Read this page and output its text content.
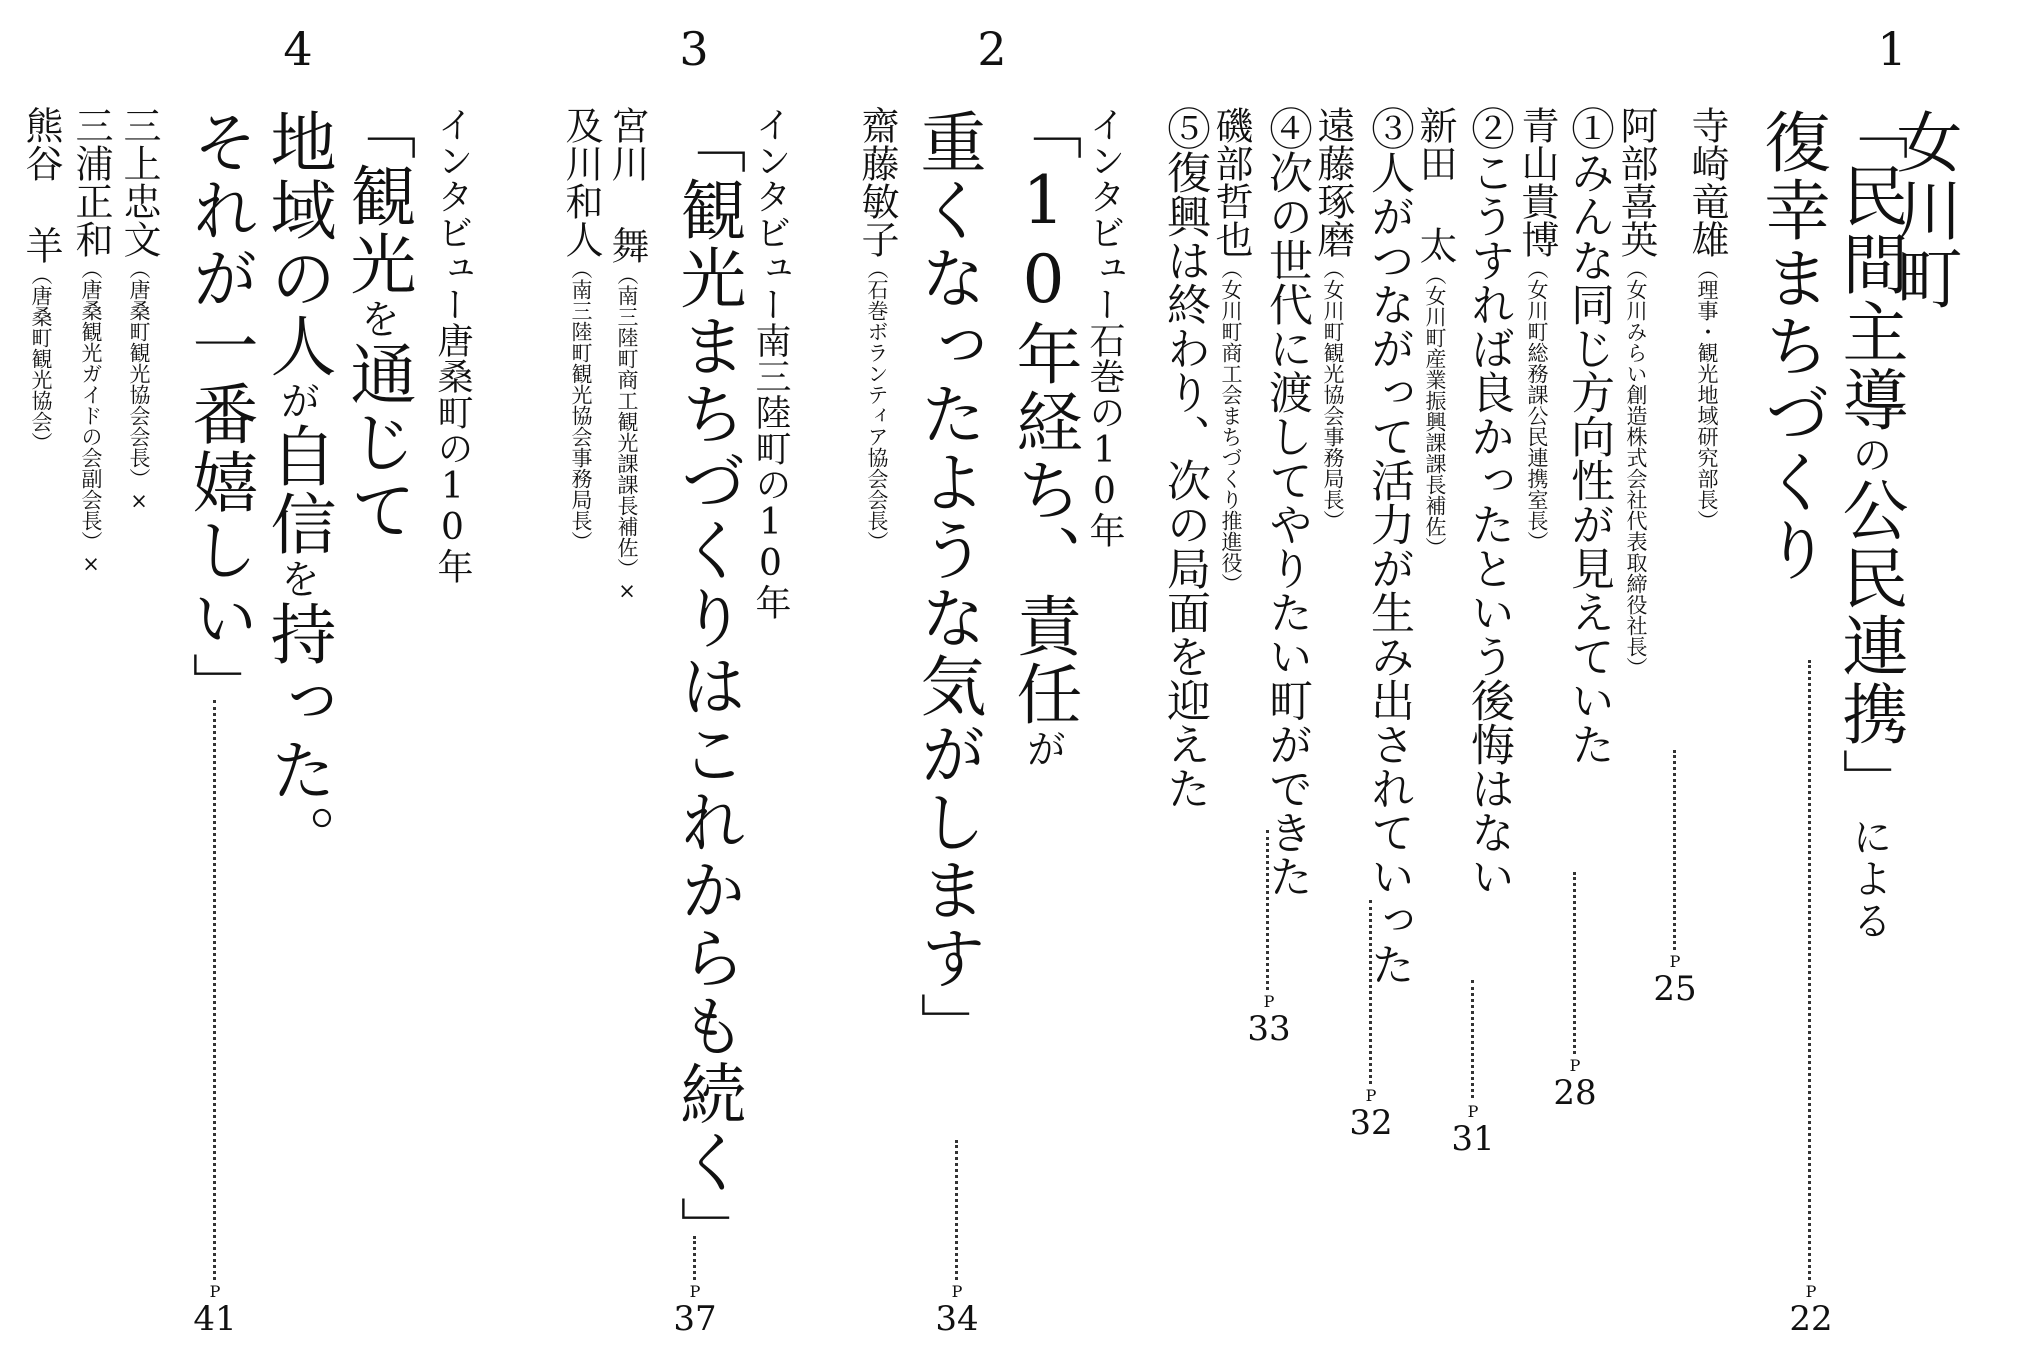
1
女川町
「民間主導の公民連携」による
復幸まちづくり
寺崎竜雄（理事・観光地域研究部長）
P
22
阿部喜英（女川みらい創造株式会社代表取締役社長）
①みんな同じ方向性が見えていた
P
25
青山貴博（女川町総務課公民連携室長）
②こうすれば良かったという後悔はない
P
28
新田 太（女川町産業振興課課長補佐）
③人がつながって活力が生み出されていった
P
31
遠藤琢磨（女川町観光協会事務局長）
④次の世代に渡してやりたい町ができた
P
32
磯部哲也（女川町商工会まちづくり推進役）
⑤復興は終わり、次の局面を迎えた
P
33
2
インタビュー石巻の10年
「10年経ち、責任が
重くなったような気がします」
齋藤敏子（石巻ボランティア協会会長）
P
34
3
インタビュー南三陸町の10年
「観光まちづくりはこれからも続く」
宮川 舞（南三陸町商工観光課課長補佐）×
及川和人（南三陸町観光協会事務局長）
P
37
4
インタビュー唐桑町の10年
「観光を通じて
地域の人が自信を持った。
それが一番嬉しい」
三上忠文（唐桑町観光協会会長）×
三浦正和（唐桑観光ガイドの会副会長）×
熊谷 羊（唐桑町観光協会）
P
41
